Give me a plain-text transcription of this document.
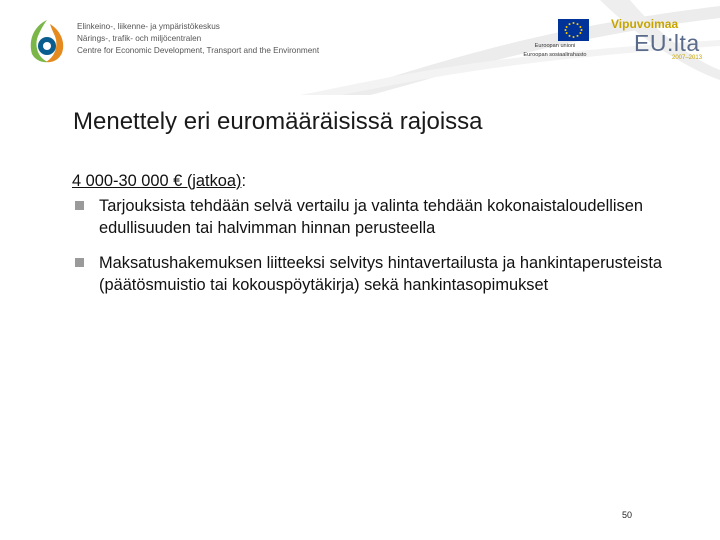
Elinkeino-, liikenne- ja ympäristökeskus
Närings-, trafik- och miljöcentralen
Centre for Economic Development, Transport and the Environment	Euroopan unioni
Euroopan sosiaalirahasto
Vipuvoimaa
EU:lta
2007–2013
Menettely eri euromääräisissä rajoissa
4 000-30 000 € (jatkoa):
Tarjouksista tehdään selvä vertailu ja valinta tehdään kokonaistaloudellisen edullisuuden tai halvimman hinnan perusteella
Maksatushakemuksen liitteeksi selvitys hintavertailusta ja hankintaperusteista (päätösmuistio tai kokouspöytäkirja) sekä hankintasopimukset
50
